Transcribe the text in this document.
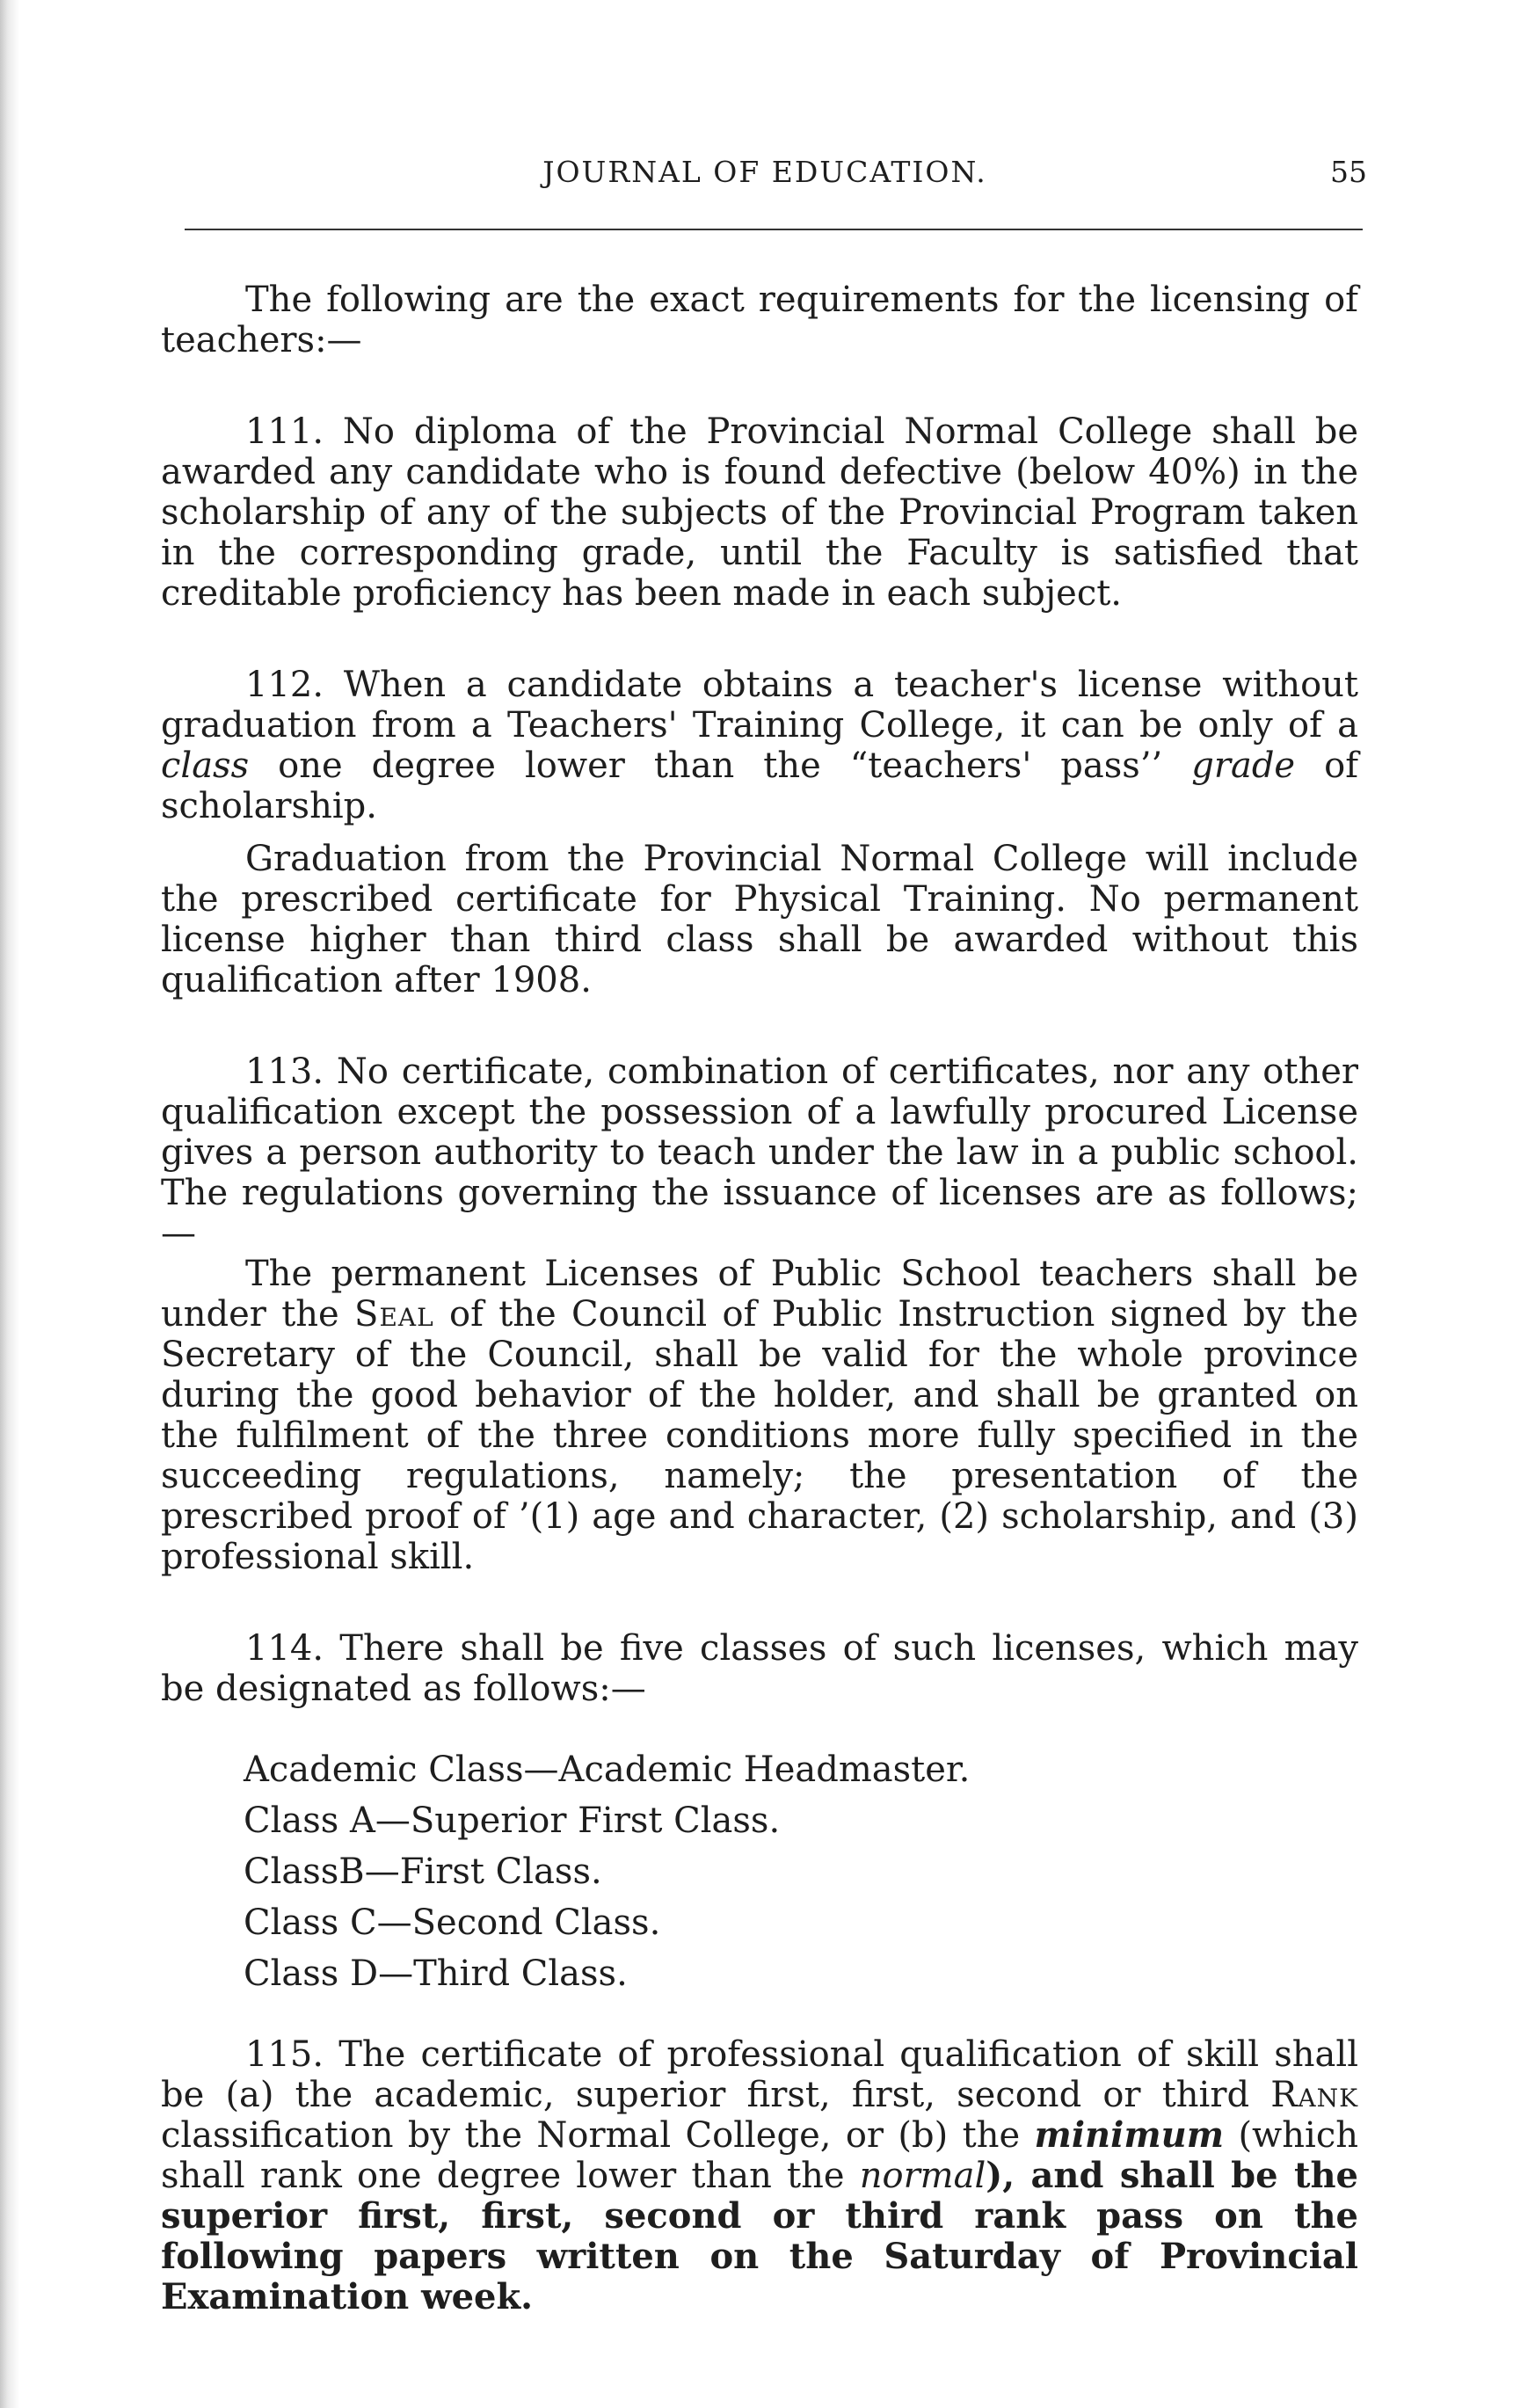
JOURNAL OF EDUCATION.	55

The following are the exact requirements for the licensing of teachers:—

111. No diploma of the Provincial Normal College shall be awarded any candidate who is found defective (below 40%) in the scholarship of any of the subjects of the Provincial Program taken in the corresponding grade, until the Faculty is satisfied that creditable proficiency has been made in each subject.

112. When a candidate obtains a teacher's license without graduation from a Teachers' Training College, it can be only of a class one degree lower than the “teachers' pass’’ grade of scholarship.

Graduation from the Provincial Normal College will include the prescribed certificate for Physical Training. No permanent license higher than third class shall be awarded without this qualification after 1908.

113. No certificate, combination of certificates, nor any other qualification except the possession of a lawfully procured License gives a person authority to teach under the law in a public school. The regulations governing the issuance of licenses are as follows;—

The permanent Licenses of Public School teachers shall be under the Seal of the Council of Public Instruction signed by the Secretary of the Council, shall be valid for the whole province during the good behavior of the holder, and shall be granted on the fulfilment of the three conditions more fully specified in the succeeding regulations, namely; the presentation of the prescribed proof of ’(1) age and character, (2) scholarship, and (3) professional skill.

114. There shall be five classes of such licenses, which may be designated as follows:—

Academic Class—Academic Headmaster.
Class A—Superior First Class.
ClassB—First Class.
Class C—Second Class.
Class D—Third Class.

115. The certificate of professional qualification of skill shall be (a) the academic, superior first, first, second or third Rank classification by the Normal College, or (b) the minimum (which shall rank one degree lower than the normal), and shall be the superior first, first, second or third rank pass on the following papers written on the Saturday of Provincial Examination week.
